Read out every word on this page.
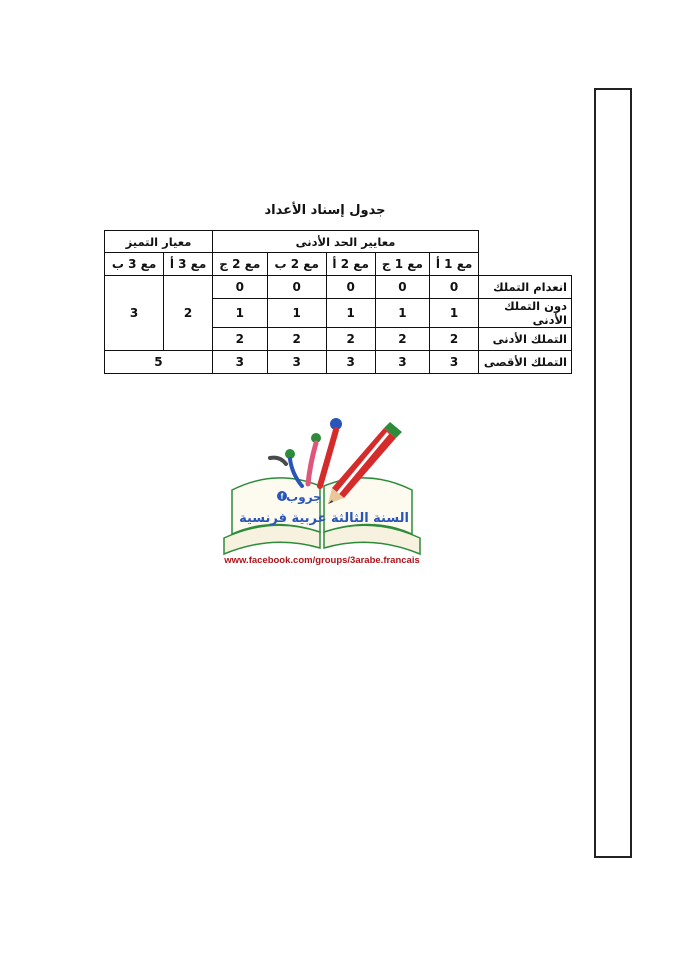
جدول إسناد الأعداد
	معايير الحد الأدنى					معيار التميز	
	مع 1 أ	مع 1 ج	مع 2 أ	مع 2 ب	مع 2 ج	مع 3 أ	مع 3 ب
انعدام التملك	0	0	0	0	0	2	3
دون التملك الأدنى	1	1	1	1	1		
التملك الأدنى	2	2	2	2	2		
التملك الأقصى	3	3	3	3	3	5	
f جروب
السنة الثالثة عربية فرنسية
www.facebook.com/groups/3arabe.francais
